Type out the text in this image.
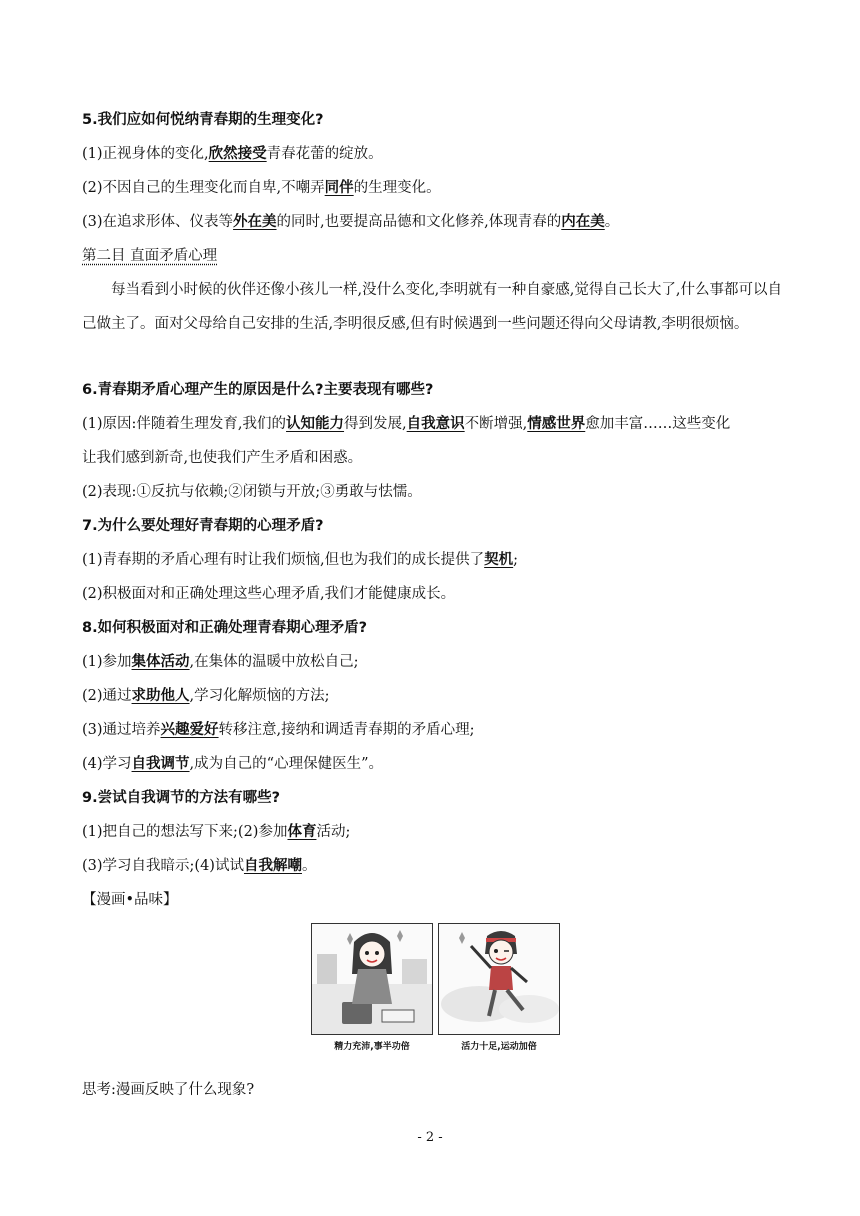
5.我们应如何悦纳青春期的生理变化?
(1)正视身体的变化,欣然接受青春花蕾的绽放。
(2)不因自己的生理变化而自卑,不嘲弄同伴的生理变化。
(3)在追求形体、仪表等外在美的同时,也要提高品德和文化修养,体现青春的内在美。
第二目 直面矛盾心理
每当看到小时候的伙伴还像小孩儿一样,没什么变化,李明就有一种自豪感,觉得自己长大了,什么事都可以自己做主了。面对父母给自己安排的生活,李明很反感,但有时候遇到一些问题还得向父母请教,李明很烦恼。
6.青春期矛盾心理产生的原因是什么?主要表现有哪些?
(1)原因:伴随着生理发育,我们的认知能力得到发展,自我意识不断增强,情感世界愈加丰富……这些变化
让我们感到新奇,也使我们产生矛盾和困惑。
(2)表现:①反抗与依赖;②闭锁与开放;③勇敢与怯懦。
7.为什么要处理好青春期的心理矛盾?
(1)青春期的矛盾心理有时让我们烦恼,但也为我们的成长提供了契机;
(2)积极面对和正确处理这些心理矛盾,我们才能健康成长。
8.如何积极面对和正确处理青春期心理矛盾?
(1)参加集体活动,在集体的温暖中放松自己;
(2)通过求助他人,学习化解烦恼的方法;
(3)通过培养兴趣爱好转移注意,接纳和调适青春期的矛盾心理;
(4)学习自我调节,成为自己的“心理保健医生”。
9.尝试自我调节的方法有哪些?
(1)把自己的想法写下来;(2)参加体育活动;
(3)学习自我暗示;(4)试试自我解嘲。
【漫画•品味】
精力充沛,事半功倍	活力十足,运动加倍
思考:漫画反映了什么现象?
- 2 -
